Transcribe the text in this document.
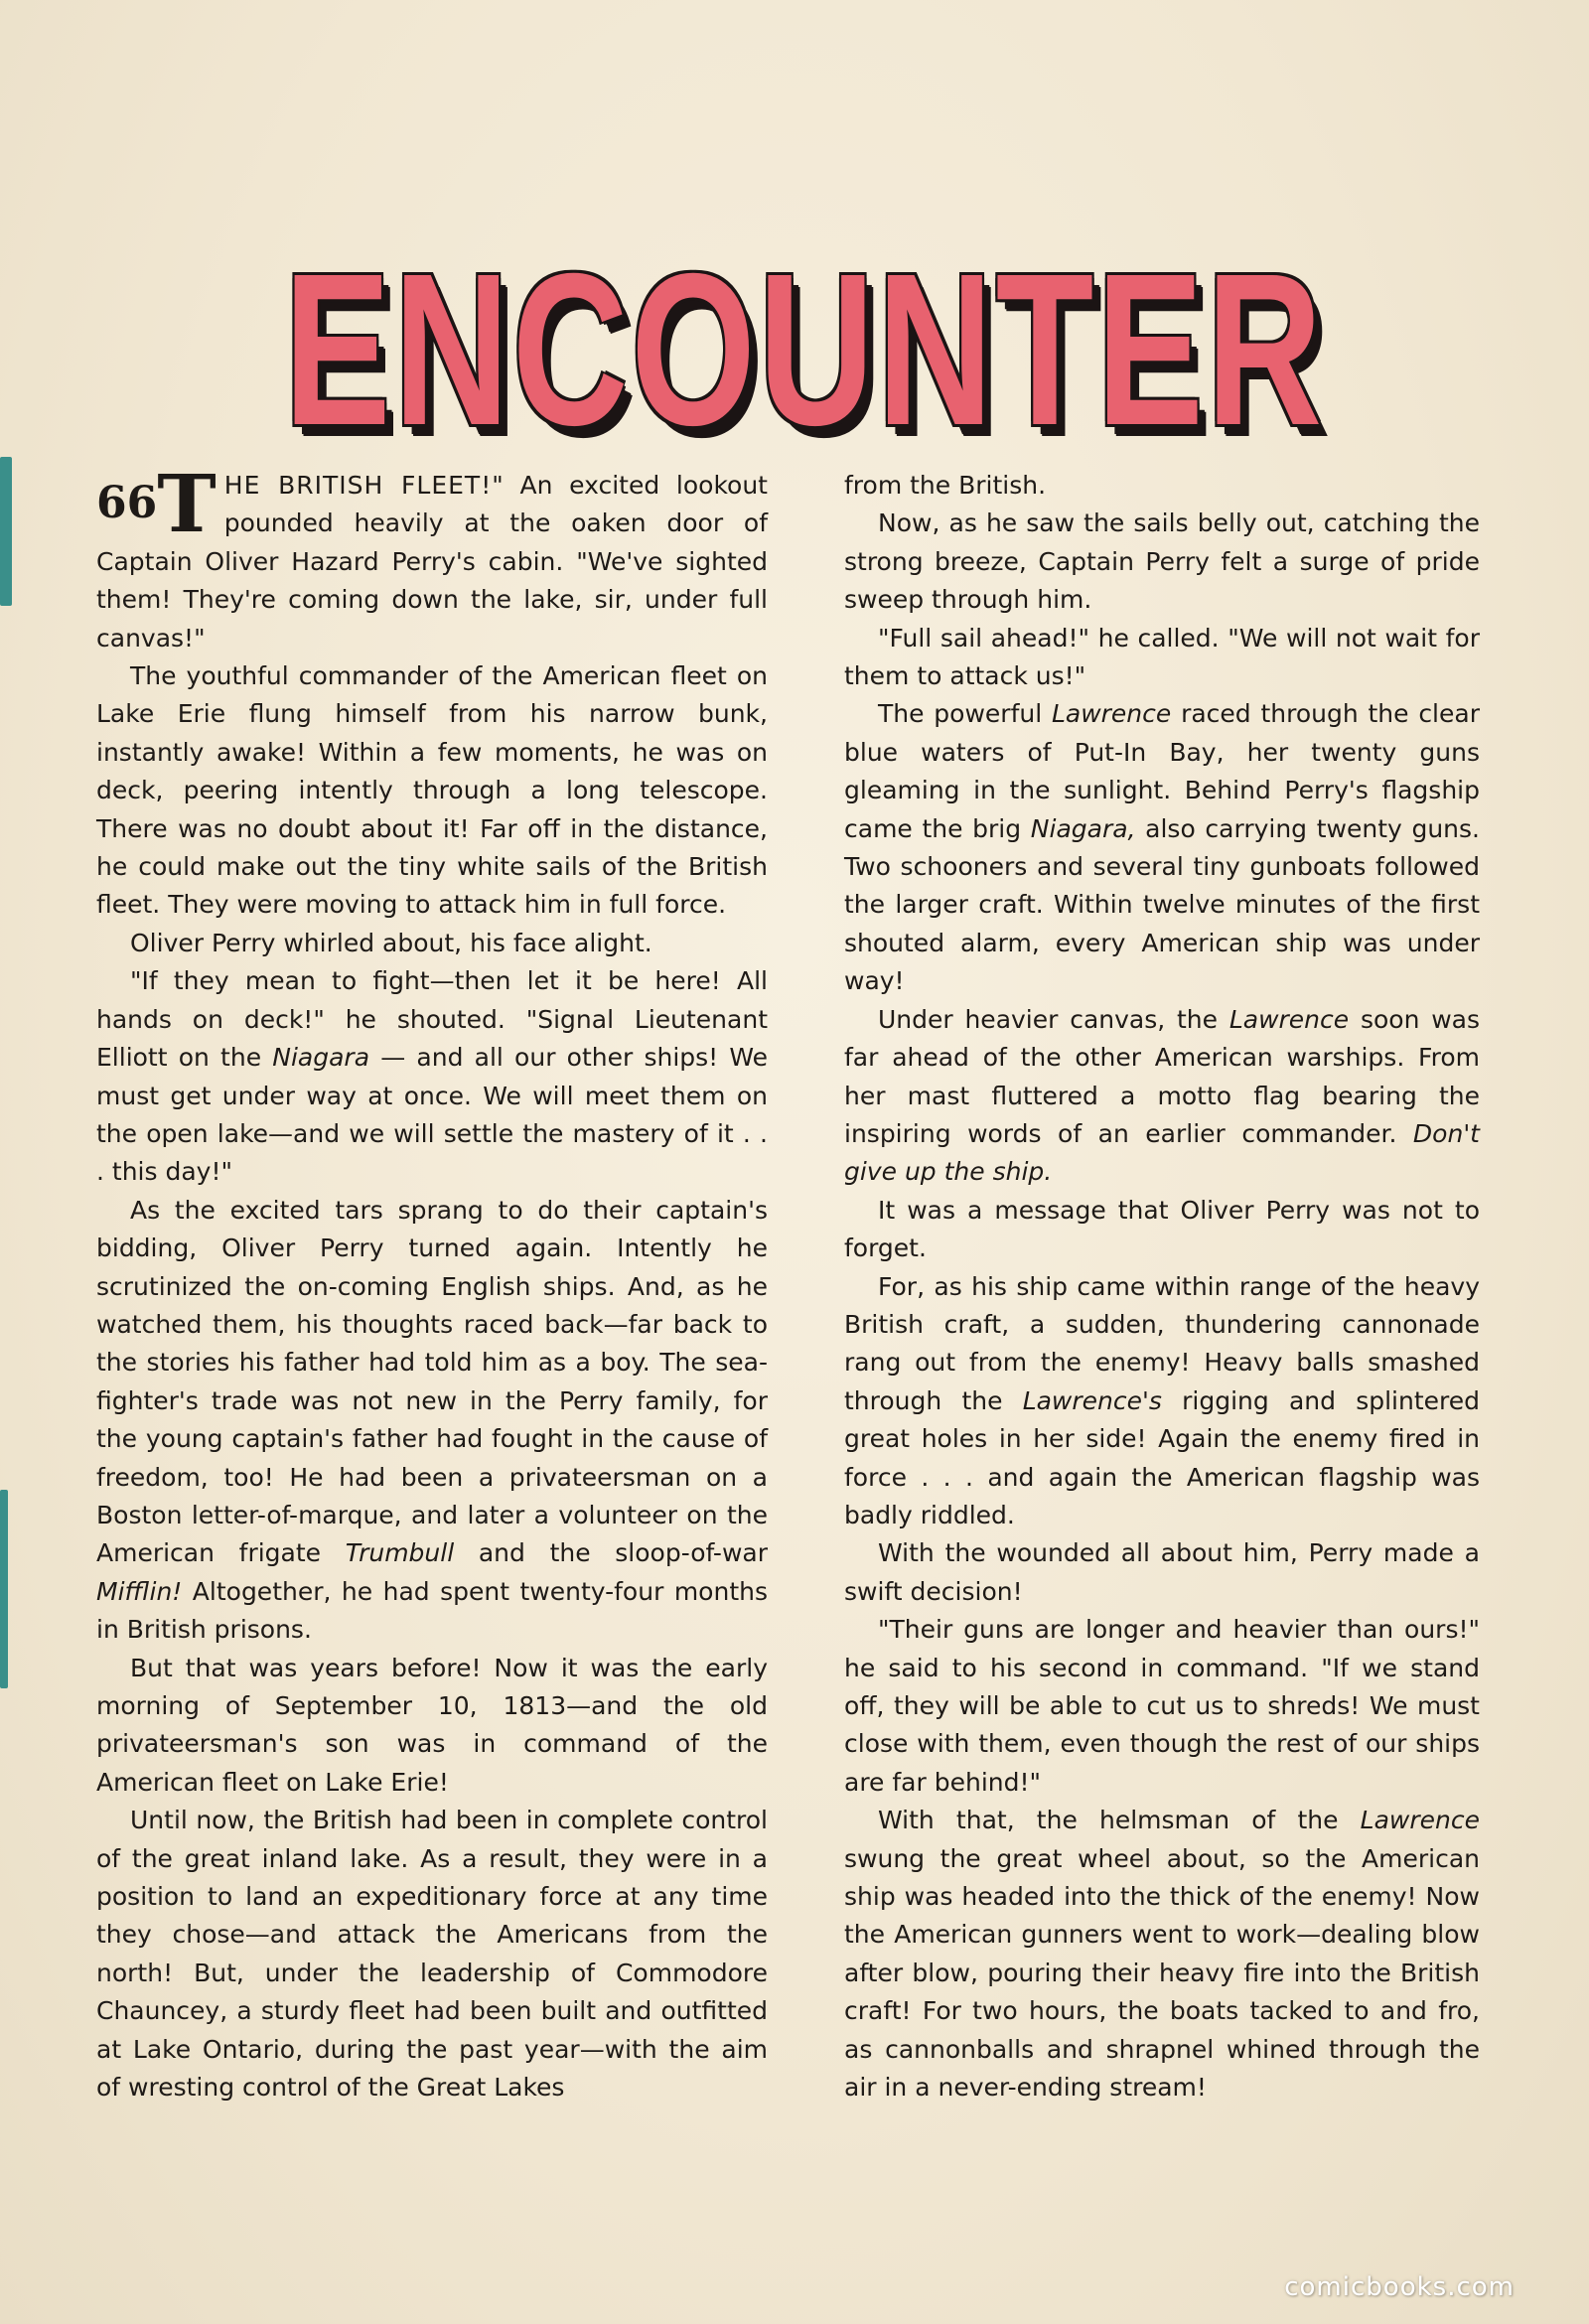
ENCOUNTER

$^{66}$T HE BRITISH FLEET!" An excited lookout pounded heavily at the oaken door of Captain Oliver Hazard Perry's cabin. "We've sighted them! They're coming down the lake, sir, under full canvas!"

The youthful commander of the American fleet on Lake Erie flung himself from his narrow bunk, instantly awake! Within a few moments, he was on deck, peering intently through a long telescope. There was no doubt about it! Far off in the distance, he could make out the tiny white sails of the British fleet. They were moving to attack him in full force.

Oliver Perry whirled about, his face alight.

"If they mean to fight—then let it be here! All hands on deck!" he shouted. "Signal Lieutenant Elliott on the Niagara — and all our other ships! We must get under way at once. We will meet them on the open lake—and we will settle the mastery of it . . . this day!"

As the excited tars sprang to do their captain's bidding, Oliver Perry turned again. Intently he scrutinized the on-coming English ships. And, as he watched them, his thoughts raced back—far back to the stories his father had told him as a boy. The sea-fighter's trade was not new in the Perry family, for the young captain's father had fought in the cause of freedom, too! He had been a privateersman on a Boston letter-of-marque, and later a volunteer on the American frigate Trumbull and the sloop-of-war Mifflin! Altogether, he had spent twenty-four months in British prisons.

But that was years before! Now it was the early morning of September 10, 1813—and the old privateersman's son was in command of the American fleet on Lake Erie!

Until now, the British had been in complete control of the great inland lake. As a result, they were in a position to land an expeditionary force at any time they chose—and attack the Americans from the north! But, under the leadership of Commodore Chauncey, a sturdy fleet had been built and outfitted at Lake Ontario, during the past year—with the aim of wresting control of the Great Lakes

from the British.

Now, as he saw the sails belly out, catching the strong breeze, Captain Perry felt a surge of pride sweep through him.

"Full sail ahead!" he called. "We will not wait for them to attack us!"

The powerful Lawrence raced through the clear blue waters of Put-In Bay, her twenty guns gleaming in the sunlight. Behind Perry's flagship came the brig Niagara, also carrying twenty guns. Two schooners and several tiny gunboats followed the larger craft. Within twelve minutes of the first shouted alarm, every American ship was under way!

Under heavier canvas, the Lawrence soon was far ahead of the other American warships. From her mast fluttered a motto flag bearing the inspiring words of an earlier commander. Don't give up the ship.

It was a message that Oliver Perry was not to forget.

For, as his ship came within range of the heavy British craft, a sudden, thundering cannonade rang out from the enemy! Heavy balls smashed through the Lawrence's rigging and splintered great holes in her side! Again the enemy fired in force . . . and again the American flagship was badly riddled.

With the wounded all about him, Perry made a swift decision!

"Their guns are longer and heavier than ours!" he said to his second in command. "If we stand off, they will be able to cut us to shreds! We must close with them, even though the rest of our ships are far behind!"

With that, the helmsman of the Lawrence swung the great wheel about, so the American ship was headed into the thick of the enemy! Now the American gunners went to work—dealing blow after blow, pouring their heavy fire into the British craft! For two hours, the boats tacked to and fro, as cannonballs and shrapnel whined through the air in a never-ending stream!

comicbooks.com
